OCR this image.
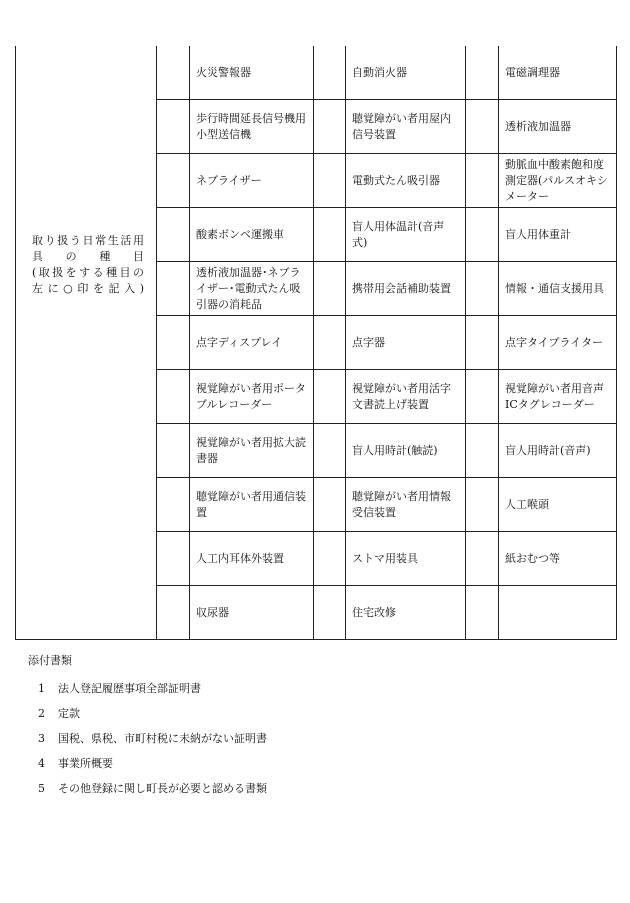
取り扱う日常生活用
具　の　種　目
(取扱をする種目の
左に○印を記入)		火災警報器		自動消火器		電磁調理器
		歩行時間延長信号機用小型送信機		聴覚障がい者用屋内信号装置		透析液加温器
		ネブライザー		電動式たん吸引器		動脈血中酸素飽和度測定器(パルスオキシメーター
		酸素ボンベ運搬車		盲人用体温計(音声式)		盲人用体重計
		透析液加温器･ネブライザー･電動式たん吸引器の消耗品		携帯用会話補助装置		情報・通信支援用具
		点字ディスプレイ		点字器		点字タイプライター
		視覚障がい者用ポータブルレコーダー		視覚障がい者用活字文書読上げ装置		視覚障がい者用音声ICタグレコーダー
		視覚障がい者用拡大読書器		盲人用時計(触読)		盲人用時計(音声)
		聴覚障がい者用通信装置		聴覚障がい者用情報受信装置		人工喉頭
		人工内耳体外装置		ストマ用装具		紙おむつ等
		収尿器		住宅改修		
添付書類
1 法人登記履歴事項全部証明書
2 定款
3 国税、県税、市町村税に未納がない証明書
4 事業所概要
5 その他登録に関し町長が必要と認める書類
